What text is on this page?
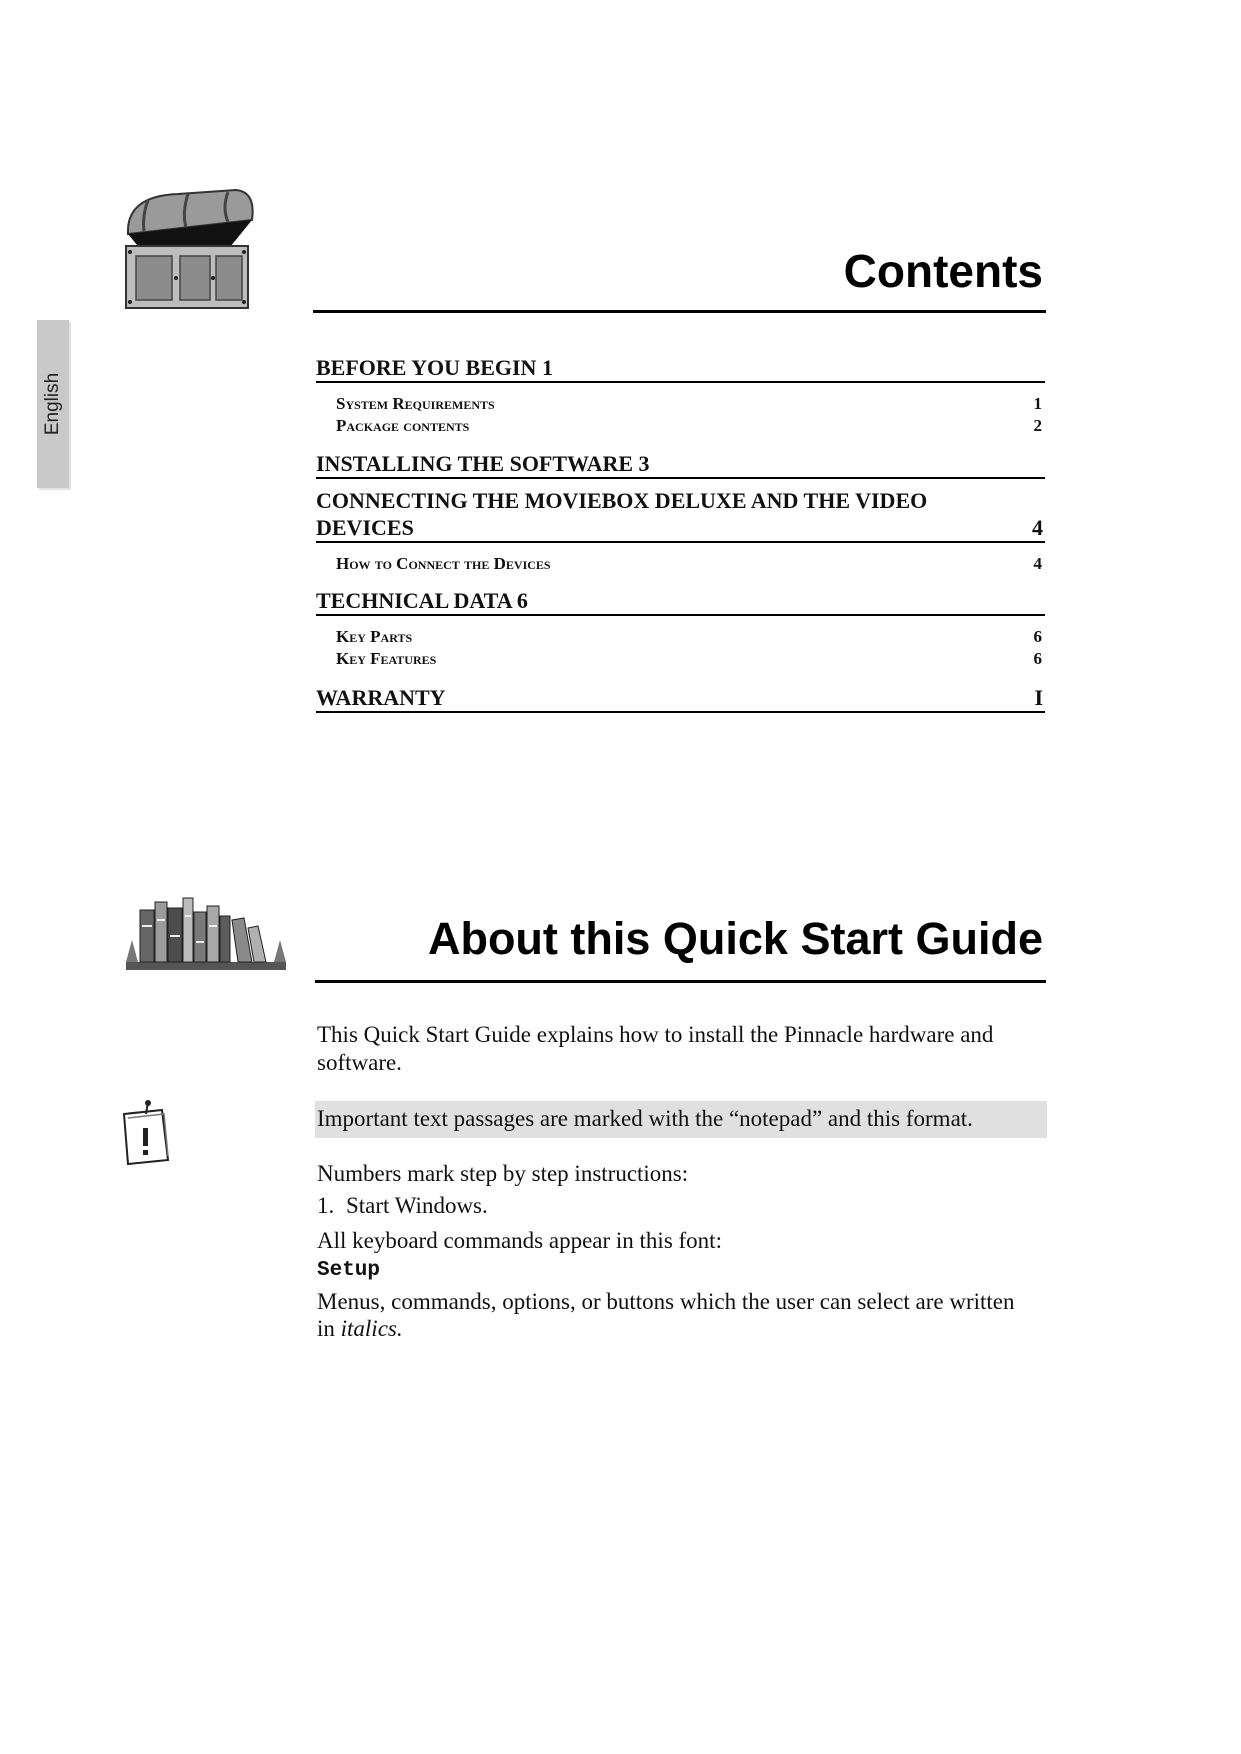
English
Contents
BEFORE YOU BEGIN 1
System Requirements	1
Package contents	2
INSTALLING THE SOFTWARE 3
CONNECTING THE MOVIEBOX DELUXE AND THE VIDEO
DEVICES	4
How to Connect the Devices	4
TECHNICAL DATA 6
Key Parts	6
Key Features	6
WARRANTY	I
About this Quick Start Guide
This Quick Start Guide explains how to install the Pinnacle hardware and software.
Important text passages are marked with the “notepad” and this format.
Numbers mark step by step instructions:
1. Start Windows.
All keyboard commands appear in this font:
Setup
Menus, commands, options, or buttons which the user can select are written
in italics.
